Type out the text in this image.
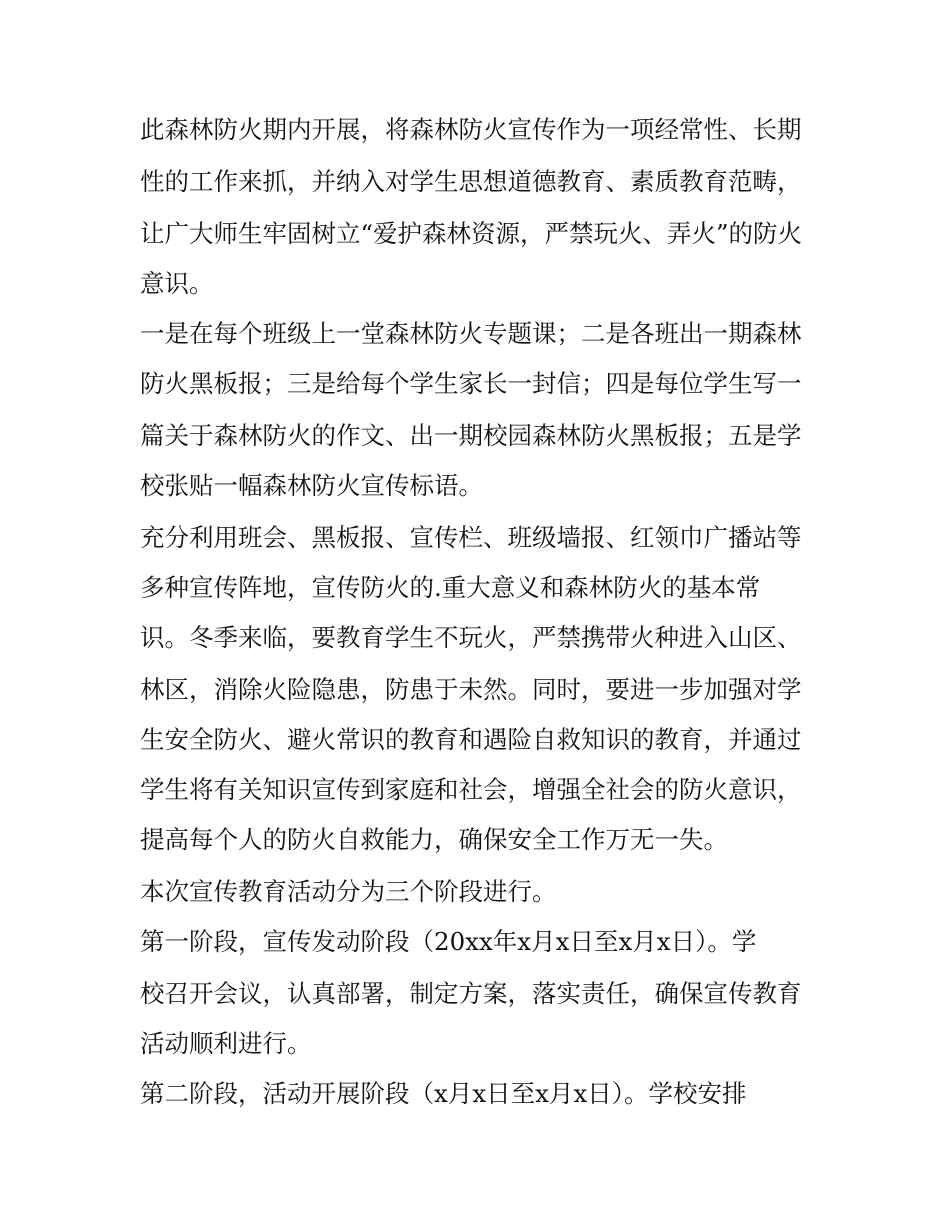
此森林防火期内开展，将森林防火宣传作为一项经常性、长期
性的工作来抓，并纳入对学生思想道德教育、素质教育范畴，
让广大师生牢固树立“爱护森林资源，严禁玩火、弄火”的防火
意识。
一是在每个班级上一堂森林防火专题课；二是各班出一期森林
防火黑板报；三是给每个学生家长一封信；四是每位学生写一
篇关于森林防火的作文、出一期校园森林防火黑板报；五是学
校张贴一幅森林防火宣传标语。
充分利用班会、黑板报、宣传栏、班级墙报、红领巾广播站等
多种宣传阵地，宣传防火的.重大意义和森林防火的基本常
识。冬季来临，要教育学生不玩火，严禁携带火种进入山区、
林区，消除火险隐患，防患于未然。同时，要进一步加强对学
生安全防火、避火常识的教育和遇险自救知识的教育，并通过
学生将有关知识宣传到家庭和社会，增强全社会的防火意识，
提高每个人的防火自救能力，确保安全工作万无一失。
本次宣传教育活动分为三个阶段进行。
第一阶段，宣传发动阶段（20xx年x月x日至x月x日）。学
校召开会议，认真部署，制定方案，落实责任，确保宣传教育
活动顺利进行。
第二阶段，活动开展阶段（x月x日至x月x日）。学校安排
